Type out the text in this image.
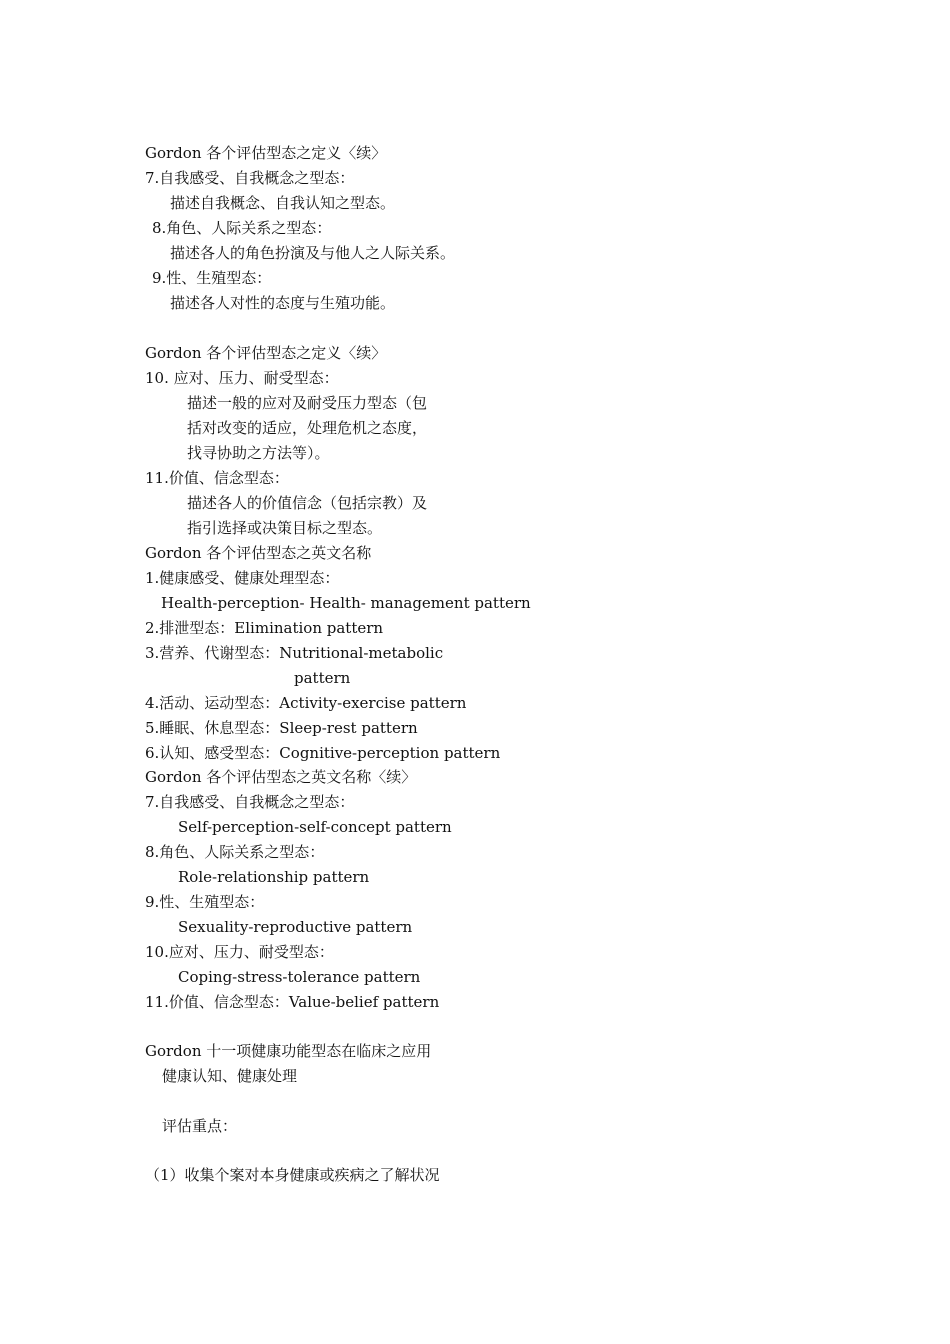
Gordon 各个评估型态之定义〈续〉
7.自我感受、自我概念之型态：
描述自我概念、自我认知之型态。
8.角色、人际关系之型态：
描述各人的角色扮演及与他人之人际关系。
9.性、生殖型态：
描述各人对性的态度与生殖功能。
Gordon 各个评估型态之定义〈续〉
10. 应对、压力、耐受型态：
描述一般的应对及耐受压力型态（包
括对改变的适应，处理危机之态度，
找寻协助之方法等）。
11.价值、信念型态：
描述各人的价值信念（包括宗教）及
指引选择或决策目标之型态。
Gordon 各个评估型态之英文名称
1.健康感受、健康处理型态：
Health-perception- Health- management pattern
2.排泄型态：Elimination pattern
3.营养、代谢型态：Nutritional-metabolic
pattern
4.活动、运动型态：Activity-exercise pattern
5.睡眠、休息型态：Sleep-rest pattern
6.认知、感受型态：Cognitive-perception pattern
Gordon 各个评估型态之英文名称〈续〉
7.自我感受、自我概念之型态：
Self-perception-self-concept pattern
8.角色、人际关系之型态：
Role-relationship pattern
9.性、生殖型态：
Sexuality-reproductive pattern
10.应对、压力、耐受型态：
Coping-stress-tolerance pattern
11.价值、信念型态：Value-belief pattern
Gordon 十一项健康功能型态在临床之应用
健康认知、健康处理
评估重点：
（1）收集个案对本身健康或疾病之了解状况
